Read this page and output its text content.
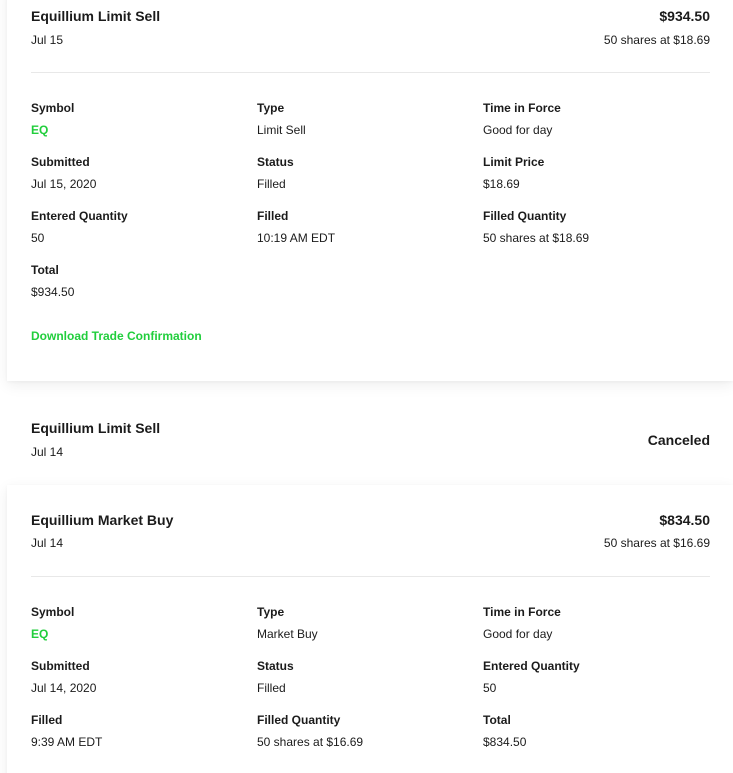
Equillium Limit Sell
Jul 15
$934.50
50 shares at $18.69
Symbol
EQ
Type
Limit Sell
Time in Force
Good for day
Submitted
Jul 15, 2020
Status
Filled
Limit Price
$18.69
Entered Quantity
50
Filled
10:19 AM EDT
Filled Quantity
50 shares at $18.69
Total
$934.50
Download Trade Confirmation
Equillium Limit Sell
Jul 14
Canceled
Equillium Market Buy
Jul 14
$834.50
50 shares at $16.69
Symbol
EQ
Type
Market Buy
Time in Force
Good for day
Submitted
Jul 14, 2020
Status
Filled
Entered Quantity
50
Filled
9:39 AM EDT
Filled Quantity
50 shares at $16.69
Total
$834.50
